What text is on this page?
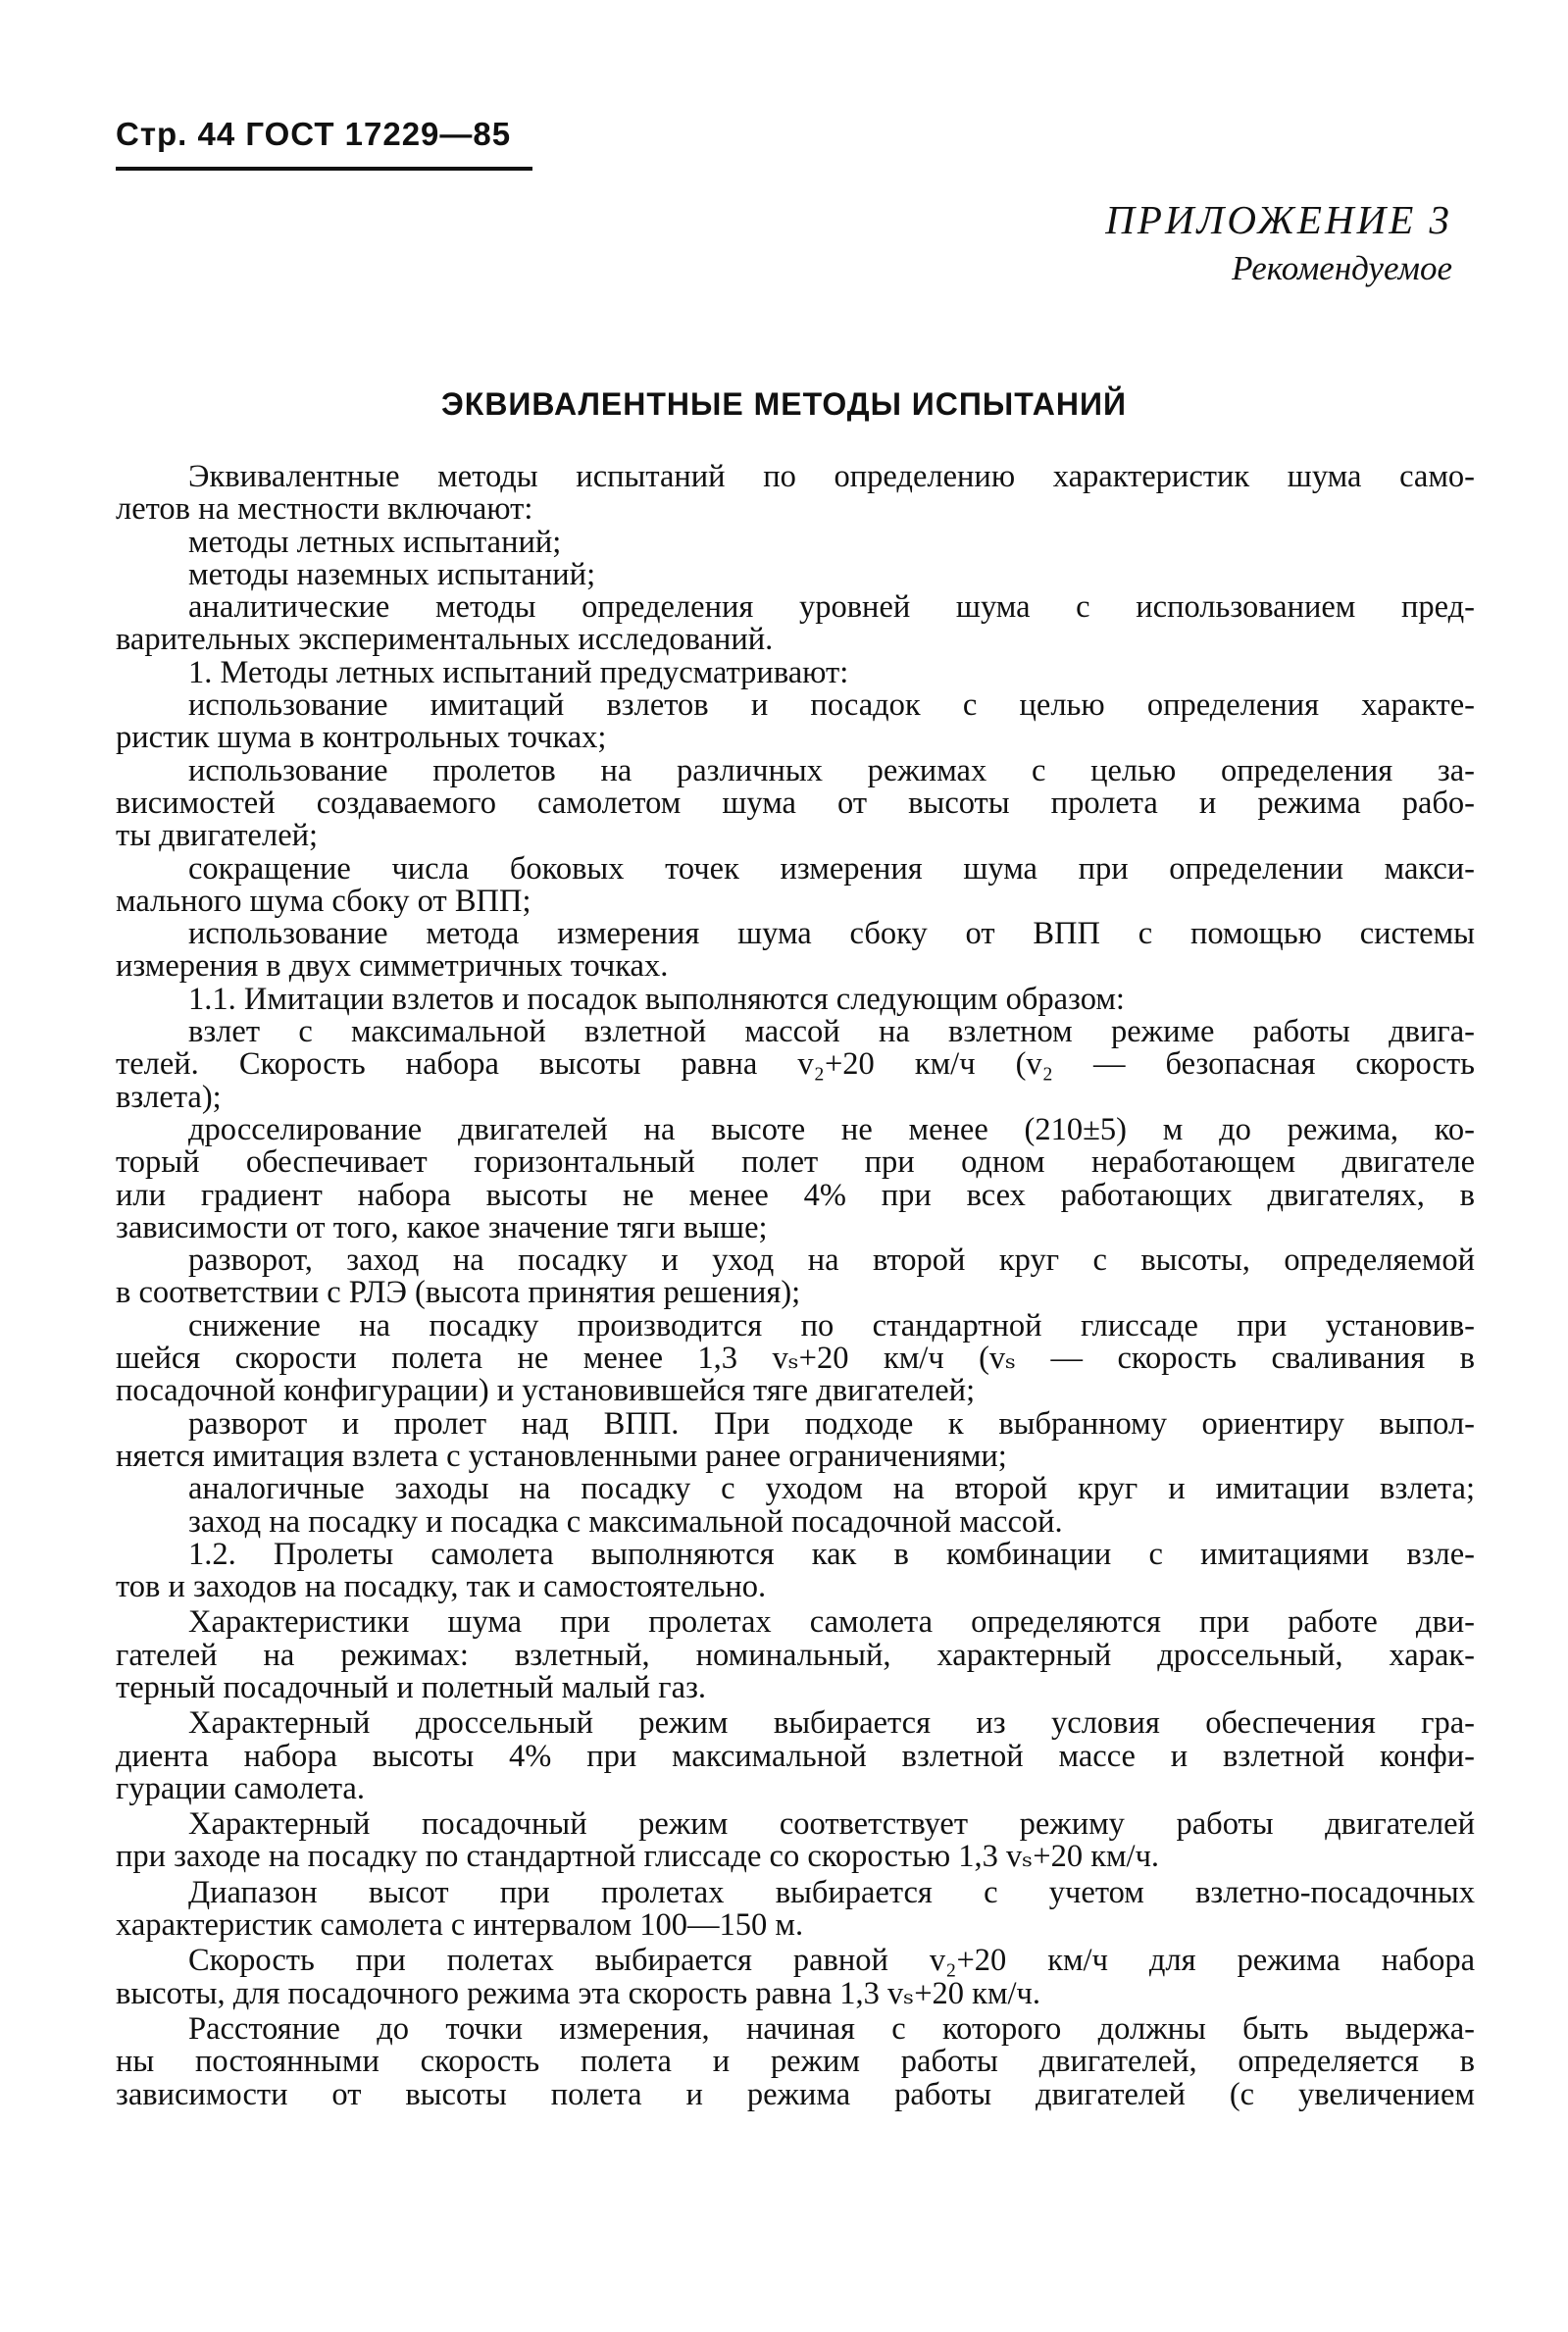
Стр. 44 ГОСТ 17229—85
ПРИЛОЖЕНИЕ 3
Рекомендуемое
ЭКВИВАЛЕНТНЫЕ МЕТОДЫ ИСПЫТАНИЙ
Эквивалентные методы испытаний по определению характеристик шума само-
летов на местности включают:
методы летных испытаний;
методы наземных испытаний;
аналитические методы определения уровней шума с использованием пред-
варительных экспериментальных исследований.
1. Методы летных испытаний предусматривают:
использование имитаций взлетов и посадок с целью определения характе-
ристик шума в контрольных точках;
использование пролетов на различных режимах с целью определения за-
висимостей создаваемого самолетом шума от высоты пролета и режима рабо-
ты двигателей;
сокращение числа боковых точек измерения шума при определении макси-
мального шума сбоку от ВПП;
использование метода измерения шума сбоку от ВПП с помощью системы
измерения в двух симметричных точках.
1.1. Имитации взлетов и посадок выполняются следующим образом:
взлет с максимальной взлетной массой на взлетном режиме работы двига-
телей. Скорость набора высоты равна v₂+20 км/ч (v₂ — безопасная скорость
взлета);
дросселирование двигателей на высоте не менее (210±5) м до режима, ко-
торый обеспечивает горизонтальный полет при одном неработающем двигателе
или градиент набора высоты не менее 4% при всех работающих двигателях, в
зависимости от того, какое значение тяги выше;
разворот, заход на посадку и уход на второй круг с высоты, определяемой
в соответствии с РЛЭ (высота принятия решения);
снижение на посадку производится по стандартной глиссаде при установив-
шейся скорости полета не менее 1,3 vₛ+20 км/ч (vₛ — скорость сваливания в
посадочной конфигурации) и установившейся тяге двигателей;
разворот и пролет над ВПП. При подходе к выбранному ориентиру выпол-
няется имитация взлета с установленными ранее ограничениями;
аналогичные заходы на посадку с уходом на второй круг и имитации взлета;
заход на посадку и посадка с максимальной посадочной массой.
1.2. Пролеты самолета выполняются как в комбинации с имитациями взле-
тов и заходов на посадку, так и самостоятельно.
Характеристики шума при пролетах самолета определяются при работе дви-
гателей на режимах: взлетный, номинальный, характерный дроссельный, харак-
терный посадочный и полетный малый газ.
Характерный дроссельный режим выбирается из условия обеспечения гра-
диента набора высоты 4% при максимальной взлетной массе и взлетной конфи-
гурации самолета.
Характерный посадочный режим соответствует режиму работы двигателей
при заходе на посадку по стандартной глиссаде со скоростью 1,3 vₛ+20 км/ч.
Диапазон высот при пролетах выбирается с учетом взлетно-посадочных
характеристик самолета с интервалом 100—150 м.
Скорость при полетах выбирается равной v₂+20 км/ч для режима набора
высоты, для посадочного режима эта скорость равна 1,3 vₛ+20 км/ч.
Расстояние до точки измерения, начиная с которого должны быть выдержа-
ны постоянными скорость полета и режим работы двигателей, определяется в
зависимости от высоты полета и режима работы двигателей (с увеличением
